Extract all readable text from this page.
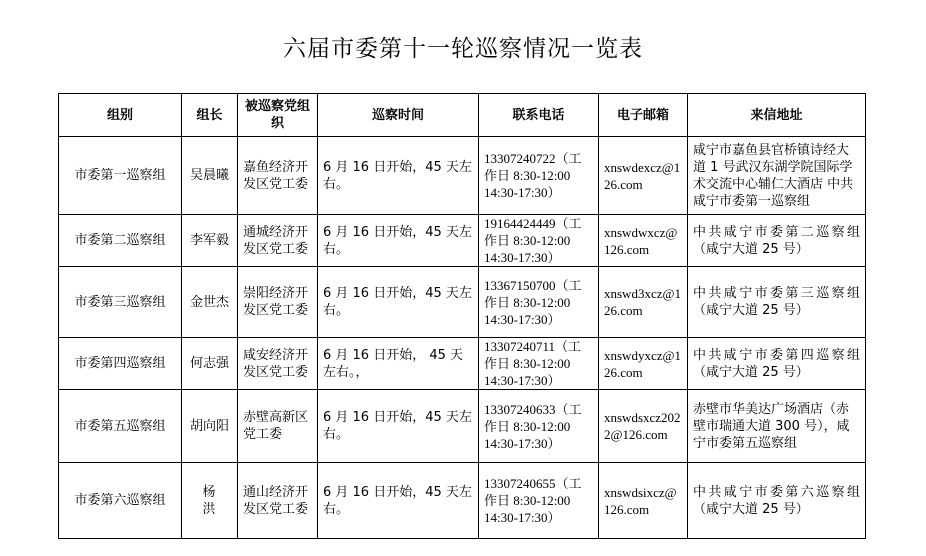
六届市委第十一轮巡察情况一览表
组别	组长	被巡察党组织	巡察时间	联系电话	电子邮箱	来信地址
市委第一巡察组	吴晨曦	嘉鱼经济开发区党工委	6 月 16 日开始，45 天左右。	13307240722（工作日 8:30-12:00 14:30-17:30）	xnswdexcz@126.com	咸宁市嘉鱼县官桥镇诗经大道 1 号武汉东湖学院国际学术交流中心辅仁大酒店 中共咸宁市委第一巡察组
市委第二巡察组	李军毅	通城经济开发区党工委	6 月 16 日开始，45 天左右。	19164424449（工作日 8:30-12:00 14:30-17:30）	xnswdwxcz@126.com	中共咸宁市委第二巡察组（咸宁大道 25 号）
市委第三巡察组	金世杰	崇阳经济开发区党工委	6 月 16 日开始，45 天左右。	13367150700（工作日 8:30-12:00 14:30-17:30）	xnswd3xcz@126.com	中共咸宁市委第三巡察组（咸宁大道 25 号）
市委第四巡察组	何志强	咸安经济开发区党工委	6 月 16 日开始， 45 天左右。，	13307240711（工作日 8:30-12:00 14:30-17:30）	xnswdyxcz@126.com	中共咸宁市委第四巡察组（咸宁大道 25 号）
市委第五巡察组	胡向阳	赤壁高新区党工委	6 月 16 日开始，45 天左右。	13307240633（工作日 8:30-12:00 14:30-17:30）	xnswdsxcz2022@126.com	赤壁市华美达广场酒店（赤壁市瑞通大道 300 号），咸宁市委第五巡察组
市委第六巡察组	杨洪	通山经济开发区党工委	6 月 16 日开始，45 天左右。	13307240655（工作日 8:30-12:00 14:30-17:30）	xnswdsixcz@126.com	中共咸宁市委第六巡察组（咸宁大道 25 号）
